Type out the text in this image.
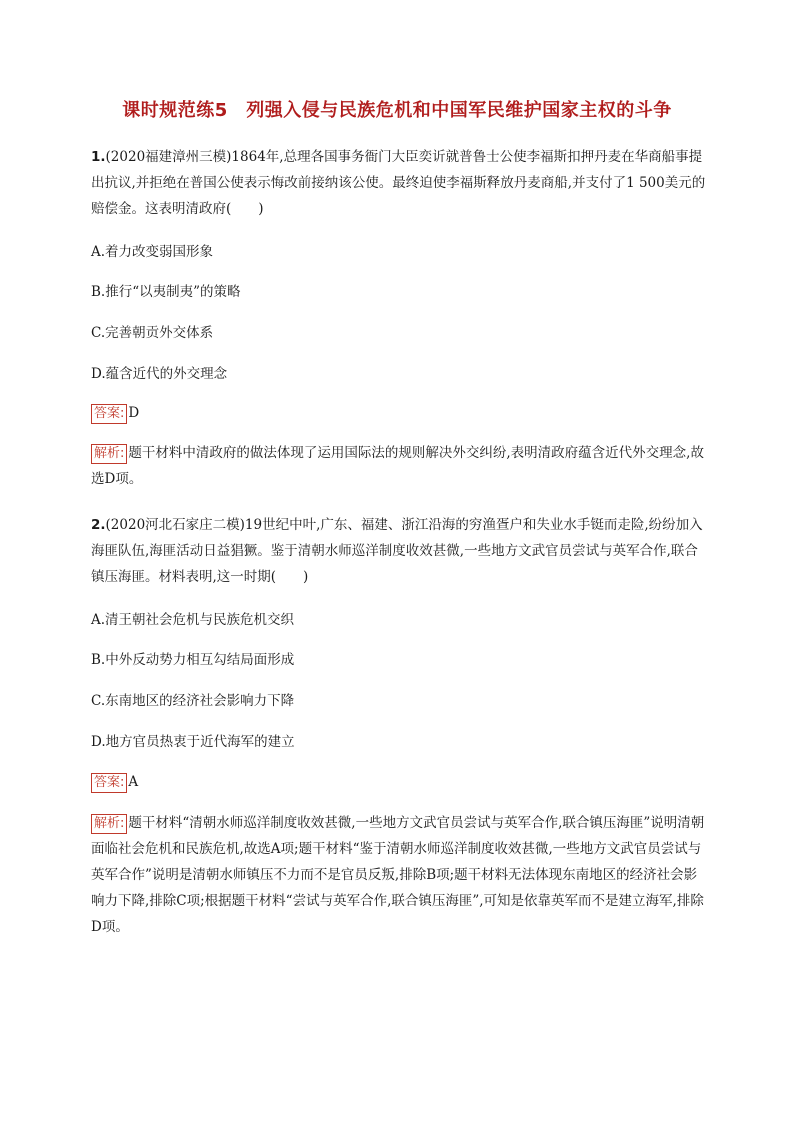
课时规范练5　列强入侵与民族危机和中国军民维护国家主权的斗争
1.(2020福建漳州三模)1864年,总理各国事务衙门大臣奕䜣就普鲁士公使李福斯扣押丹麦在华商船事提出抗议,并拒绝在普国公使表示悔改前接纳该公使。最终迫使李福斯释放丹麦商船,并支付了1 500美元的赔偿金。这表明清政府(　　)
A.着力改变弱国形象
B.推行“以夷制夷”的策略
C.完善朝贡外交体系
D.蕴含近代的外交理念
答案: D
解析: 题干材料中清政府的做法体现了运用国际法的规则解决外交纠纷,表明清政府蕴含近代外交理念,故选D项。
2.(2020河北石家庄二模)19世纪中叶,广东、福建、浙江沿海的穷渔疍户和失业水手铤而走险,纷纷加入海匪队伍,海匪活动日益猖獗。鉴于清朝水师巡洋制度收效甚微,一些地方文武官员尝试与英军合作,联合镇压海匪。材料表明,这一时期(　　)
A.清王朝社会危机与民族危机交织
B.中外反动势力相互勾结局面形成
C.东南地区的经济社会影响力下降
D.地方官员热衷于近代海军的建立
答案: A
解析: 题干材料“清朝水师巡洋制度收效甚微,一些地方文武官员尝试与英军合作,联合镇压海匪”说明清朝面临社会危机和民族危机,故选A项;题干材料“鉴于清朝水师巡洋制度收效甚微,一些地方文武官员尝试与英军合作”说明是清朝水师镇压不力而不是官员反叛,排除B项;题干材料无法体现东南地区的经济社会影响力下降,排除C项;根据题干材料“尝试与英军合作,联合镇压海匪”,可知是依靠英军而不是建立海军,排除D项。
